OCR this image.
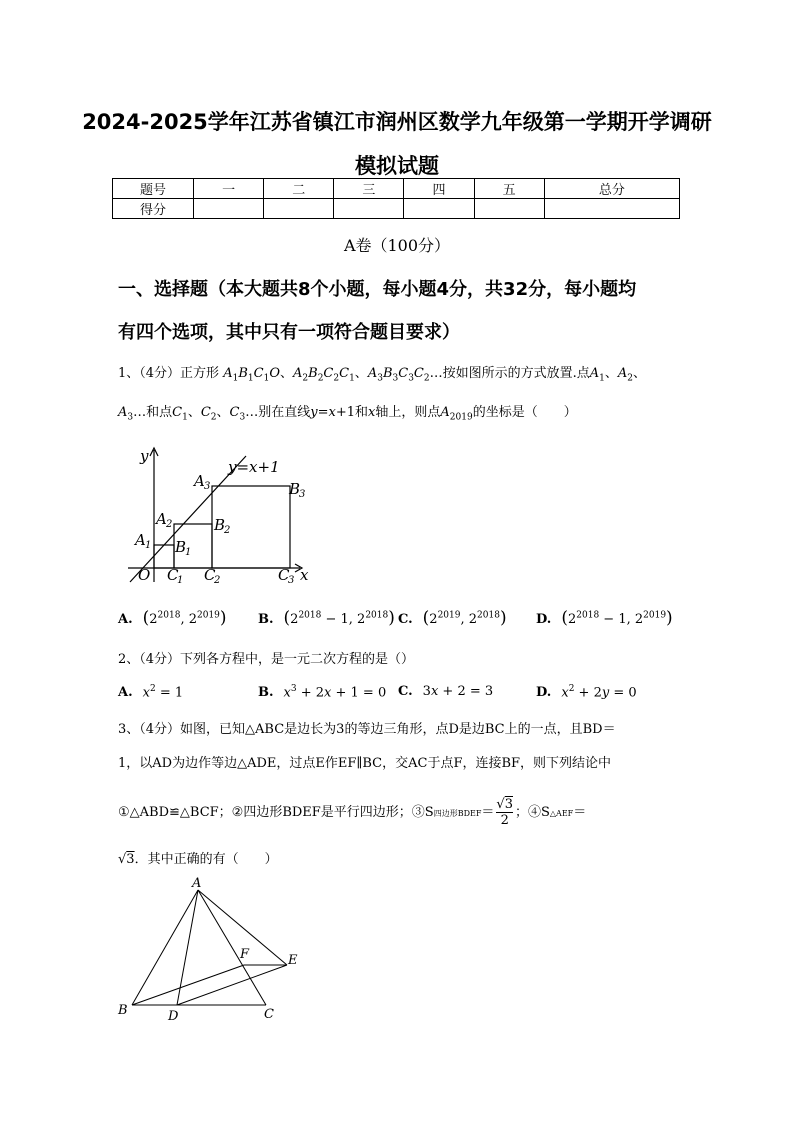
2024-2025学年江苏省镇江市润州区数学九年级第一学期开学调研
模拟试题
题号	一	二	三	四	五	总分
得分						
A卷（100分）
一、选择题（本大题共8个小题，每小题4分，共32分，每小题均
有四个选项，其中只有一项符合题目要求）
1、（4分）正方形 $A_1B_1C_1O$、$A_2B_2C_2C_1$、$A_3B_3C_3C_2\dots$按如图所示的方式放置.点$A_1$、$A_2$、
$A_3\dots$和点$C_1$、$C_2$、$C_3\dots$别在直线y=x+1和x轴上，则点$A_{2019}$的坐标是（　　）
y
x
O
y=x+1
A
A
A
B
B
B
C C	C
1
2
3
1
2
3
1	2	3
A. ($2^{2018}$, $2^{2019}$) B. ($2^{2018} - 1$, $2^{2018}$) C. ($2^{2019}$, $2^{2018}$) D. ($2^{2018} - 1$, $2^{2019}$)
2、（4分）下列各方程中，是一元二次方程的是（）
A. $x^2 = 1$	B. $x^3 + 2x + 1 = 0$ C. 3x + 2 = 3	D. $x^2 + 2y = 0$
3、（4分）如图，已知△ABC是边长为3的等边三角形，点D是边BC上的一点，且BD＝
1，以AD为边作等边△ADE，过点E作EF∥BC，交AC于点F，连接BF，则下列结论中
①△ABD≌△BCF；②四边形BDEF是平行四边形；③S四边形BDEF＝ $\frac{√3}{2}$ ；④S△AEF＝
√3．其中正确的有（　　）
A
B	C
D
E
F
